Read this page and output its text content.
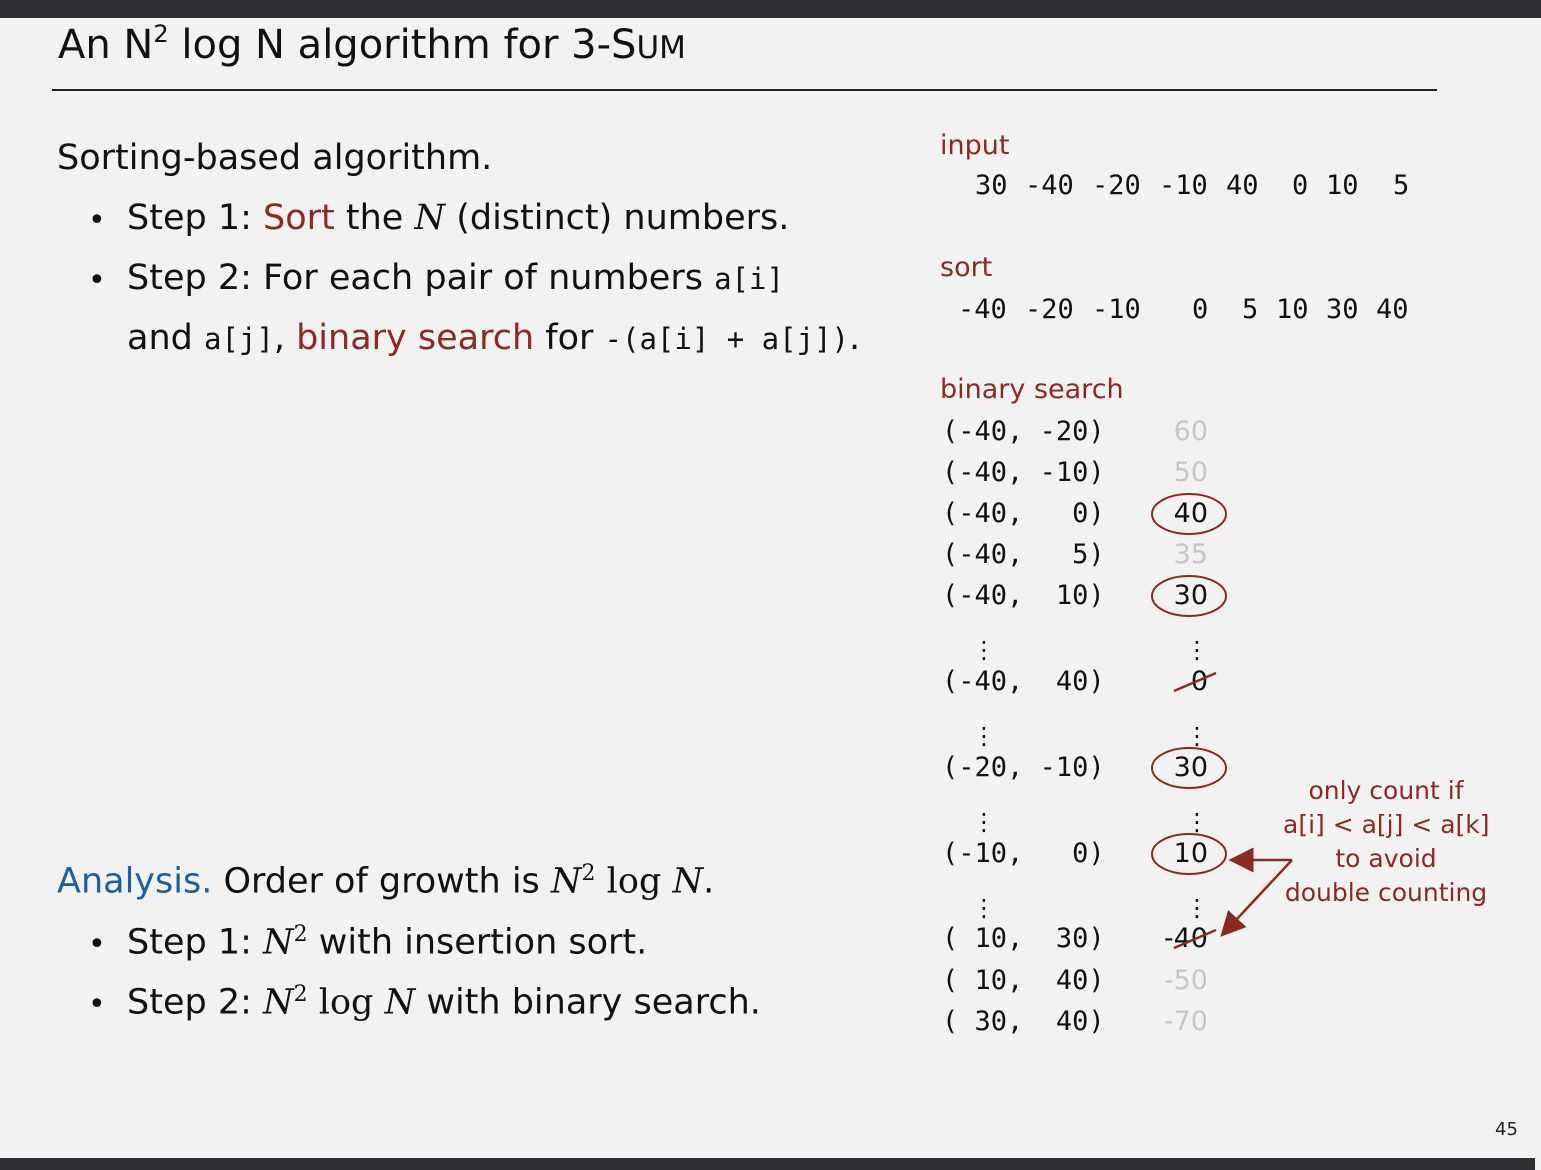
An $N^2$ log N algorithm for 3-SUM
Sorting-based algorithm.
• Step 1: Sort the N (distinct) numbers.
• Step 2: For each pair of numbers a[i]
and a[j], binary search for -(a[i] + a[j]).
Analysis. Order of growth is $N^2$ log N.
• Step 1: $N^2$ with insertion sort.
• Step 2: $N^2$ log N with binary search.
input
30 -40 -20 -10 40 0 10 5
sort
-40 -20 -10 0 5 10 30 40
binary search
(-40, -20)	60
(-40, -10)	50
(-40,   0)	40
(-40,   5)	35
(-40,  10)	30
(-40,  40)	0
(-20, -10)	30
(-10,   0)	10
( 10,  30)	-40
( 10,  40)	-50
( 30,  40)	-70
⋮	⋮
⋮	⋮
⋮	⋮
⋮	⋮
only count if
a[i] < a[j] < a[k]
to avoid
double counting
45
